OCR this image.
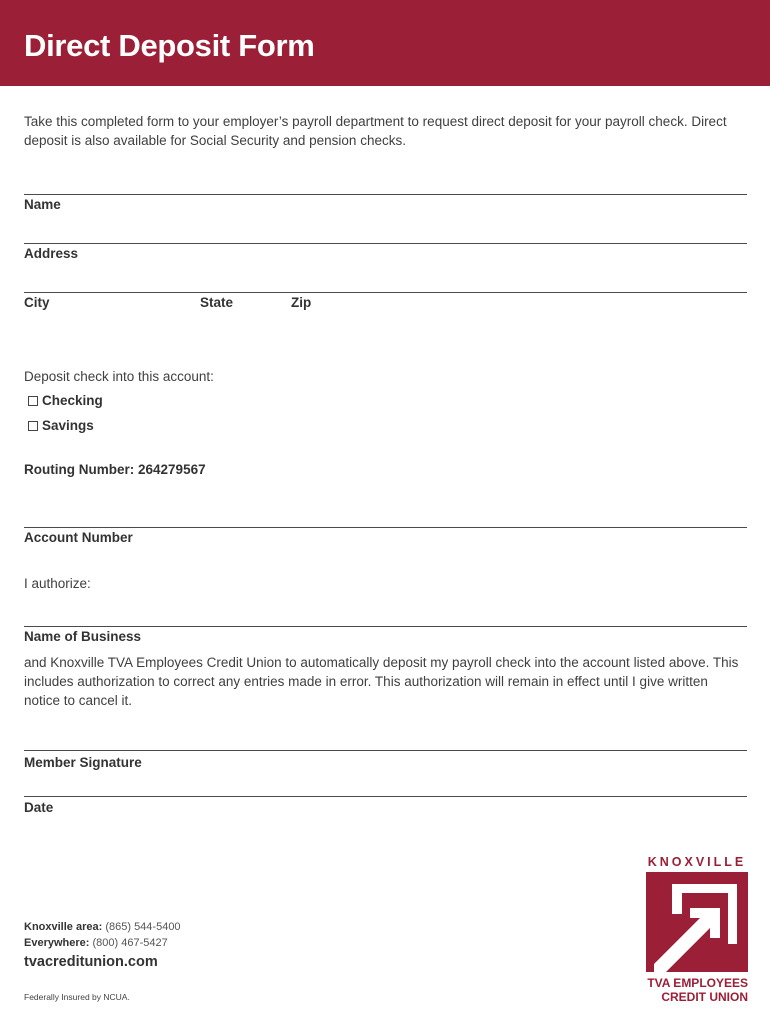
Direct Deposit Form
Take this completed form to your employer’s payroll department to request direct deposit for your payroll check. Direct deposit is also available for Social Security and pension checks.
Name
Address
City	State	Zip
Deposit check into this account:
Checking
Savings
Routing Number: 264279567
Account Number
I authorize:
Name of Business
and Knoxville TVA Employees Credit Union to automatically deposit my payroll check into the account listed above. This includes authorization to correct any entries made in error. This authorization will remain in effect until I give written notice to cancel it.
Member Signature
Date
Knoxville area: (865) 544-5400
Everywhere: (800) 467-5427
tvacreditunion.com
Federally Insured by NCUA.
KNOXVILLE
®
TVA EMPLOYEES
CREDIT UNION
